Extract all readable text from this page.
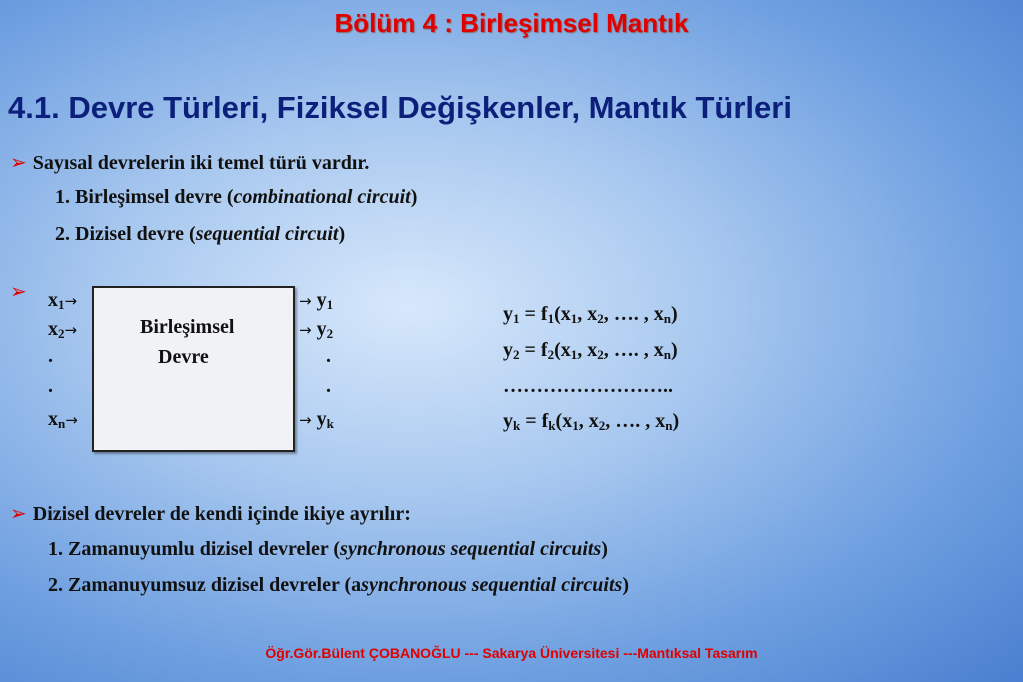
Bölüm 4 : Birleşimsel Mantık
4.1. Devre Türleri, Fiziksel Değişkenler, Mantık Türleri
➢ Sayısal devrelerin iki temel türü vardır.
1. Birleşimsel devre (combinational circuit)
2. Dizisel devre (sequential circuit)
➢
Birleşimsel
Devre
$x_1\to$
$x_2\to$
.
.
$x_n\to$
→ $y_1$
→ $y_2$
.
.
→ $y_k$
$y_1 = f_1(x_1$, $x_2$, …. , $x_n$)
$y_2 = f_2(x_1$, $x_2$, …. , $x_n$)
……………………..
$y_k = f_k(x_1$, $x_2$, …. , $x_n$)
➢ Dizisel devreler de kendi içinde ikiye ayrılır:
1. Zamanuyumlu dizisel devreler (synchronous sequential circuits)
2. Zamanuyumsuz dizisel devreler (asynchronous sequential circuits)
Öğr.Gör.Bülent ÇOBANOĞLU --- Sakarya Üniversitesi ---Mantıksal Tasarım
